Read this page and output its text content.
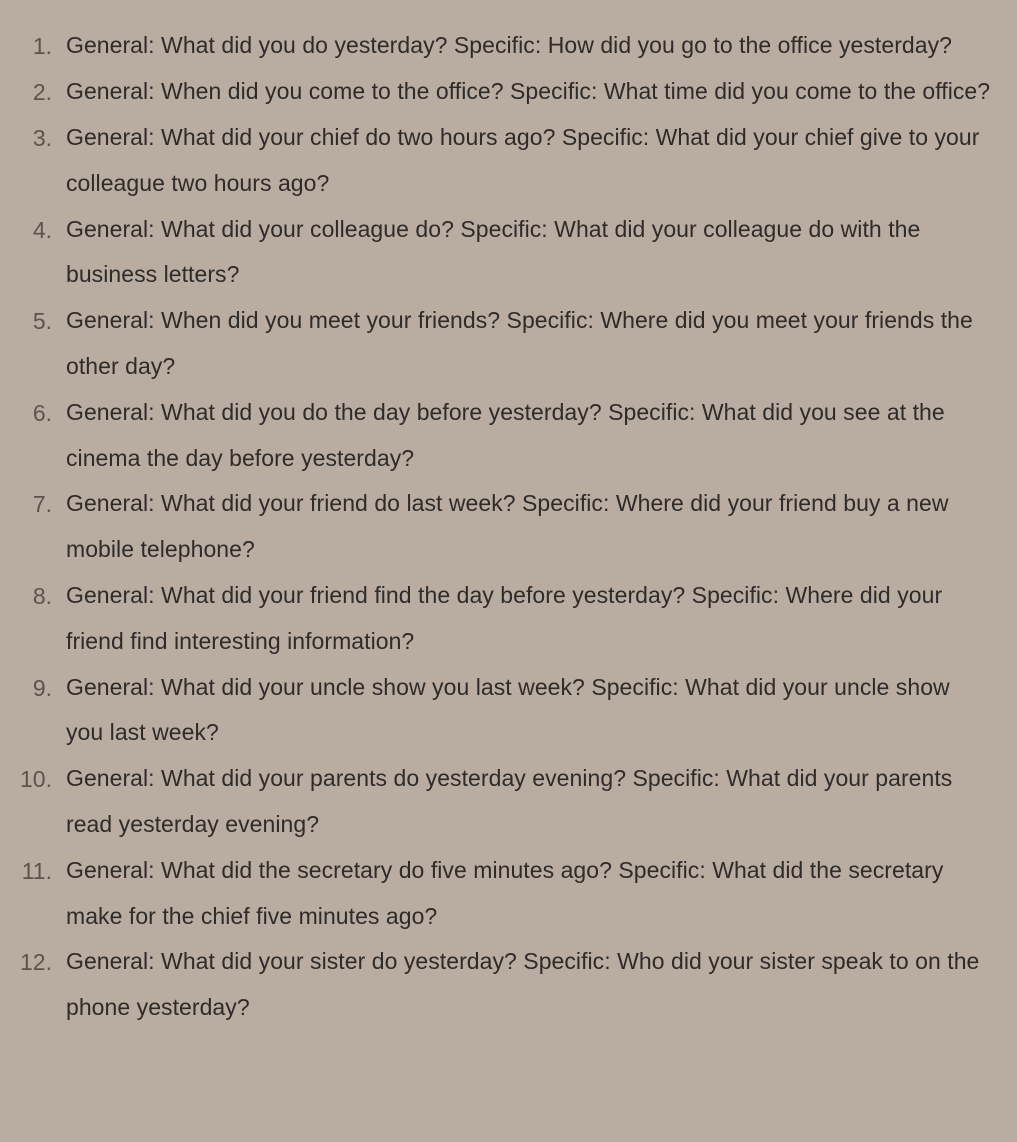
1. General: What did you do yesterday? Specific: How did you go to the office yesterday?
2. General: When did you come to the office? Specific: What time did you come to the office?
3. General: What did your chief do two hours ago? Specific: What did your chief give to your colleague two hours ago?
4. General: What did your colleague do? Specific: What did your colleague do with the business letters?
5. General: When did you meet your friends? Specific: Where did you meet your friends the other day?
6. General: What did you do the day before yesterday? Specific: What did you see at the cinema the day before yesterday?
7. General: What did your friend do last week? Specific: Where did your friend buy a new mobile telephone?
8. General: What did your friend find the day before yesterday? Specific: Where did your friend find interesting information?
9. General: What did your uncle show you last week? Specific: What did your uncle show you last week?
10. General: What did your parents do yesterday evening? Specific: What did your parents read yesterday evening?
11. General: What did the secretary do five minutes ago? Specific: What did the secretary make for the chief five minutes ago?
12. General: What did your sister do yesterday? Specific: Who did your sister speak to on the phone yesterday?
